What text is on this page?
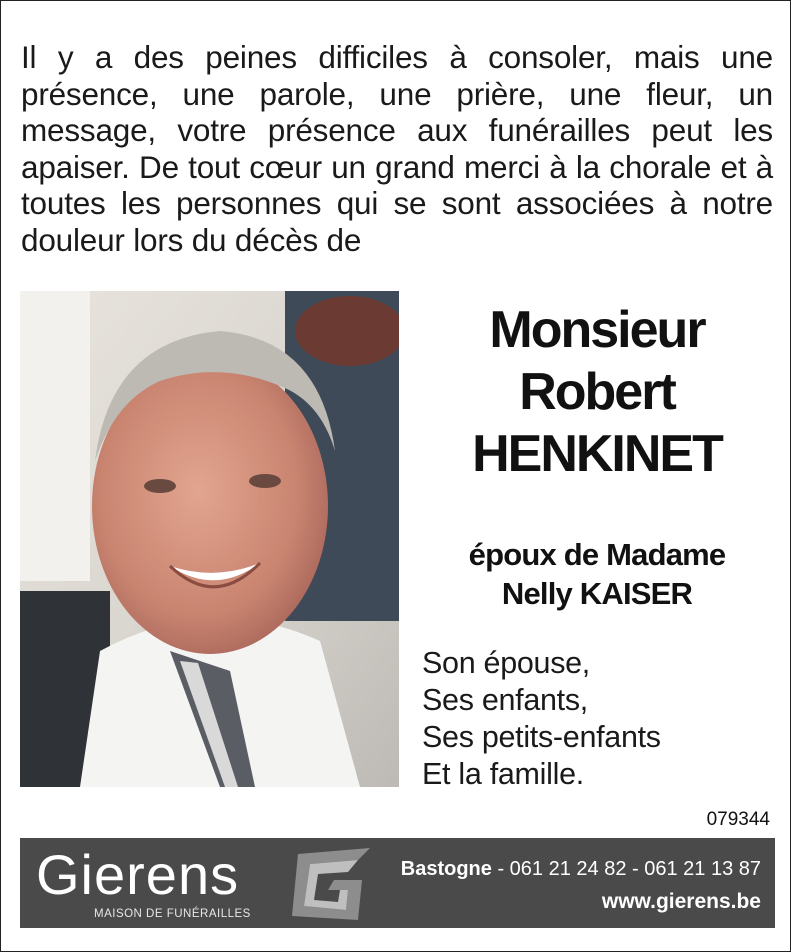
Il y a des peines difficiles à consoler, mais une présence, une parole, une prière, une fleur, un message, votre présence aux funérailles peut les apaiser. De tout cœur un grand merci à la chorale et à toutes les personnes qui se sont associées à notre douleur lors du décès de
Monsieur
Robert
HENKINET
époux de Madame
Nelly KAISER
Son épouse,
Ses enfants,
Ses petits-enfants
Et la famille.
079344
Gierens
MAISON DE FUNÉRAILLES
Bastogne - 061 21 24 82 - 061 21 13 87
www.gierens.be
